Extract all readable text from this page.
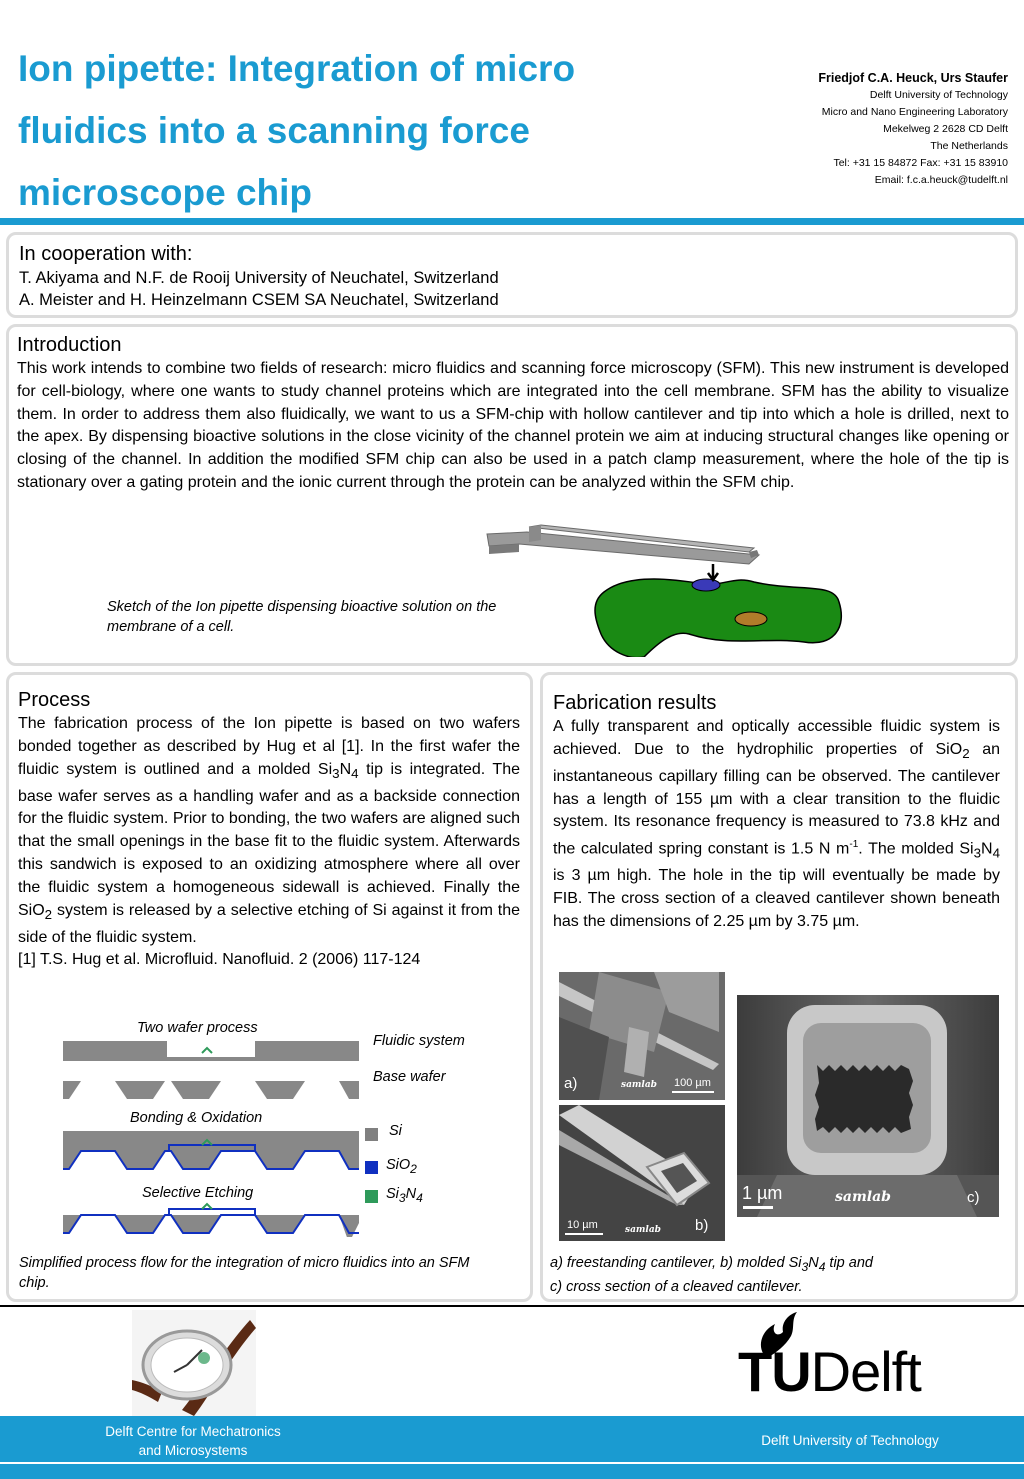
Ion pipette: Integration of micro fluidics into a scanning force microscope chip
Friedjof C.A. Heuck, Urs Staufer
Delft University of Technology
Micro and Nano Engineering Laboratory
Mekelweg 2 2628 CD Delft
The Netherlands
Tel: +31 15 84872 Fax: +31 15 83910
Email: f.c.a.heuck@tudelft.nl
In cooperation with:
T. Akiyama and N.F. de Rooij University of Neuchatel, Switzerland
A. Meister and H. Heinzelmann CSEM SA Neuchatel, Switzerland
Introduction
This work intends to combine two fields of research: micro fluidics and scanning force microscopy (SFM). This new instrument is developed for cell-biology, where one wants to study channel proteins which are integrated into the cell membrane. SFM has the ability to visualize them. In order to address them also fluidically, we want to us a SFM-chip with hollow cantilever and tip into which a hole is drilled, next to the apex. By dispensing bioactive solutions in the close vicinity of the channel protein we aim at inducing structural changes like opening or closing of the channel. In addition the modified SFM chip can also be used in a patch clamp measurement, where the hole of the tip is stationary over a gating protein and the ionic current through the protein can be analyzed within the SFM chip.
Sketch of the Ion pipette dispensing bioactive solution on the membrane of a cell.
Process
The fabrication process of the Ion pipette is based on two wafers bonded together as described by Hug et al [1]. In the first wafer the fluidic system is outlined and a molded $Si_3N_4$ tip is integrated. The base wafer serves as a handling wafer and as a backside connection for the fluidic system. Prior to bonding, the two wafers are aligned such that the small openings in the base fit to the fluidic system. Afterwards this sandwich is exposed to an oxidizing atmosphere where all over the fluidic system a homogeneous sidewall is achieved. Finally the SiO$_2$ system is released by a selective etching of Si against it from the side of the fluidic system.
[1] T.S. Hug et al. Microfluid. Nanofluid. 2 (2006) 117-124
Two wafer process
Bonding & Oxidation
Selective Etching
Fluidic system
Base wafer
Si
SiO$_2$
$Si_3N_4$
Simplified process flow for the integration of micro fluidics into an SFM chip.
Fabrication results
A fully transparent and optically accessible fluidic system is achieved. Due to the hydrophilic properties of SiO$_2$ an instantaneous capillary filling can be observed. The cantilever has a length of 155 µm with a clear transition to the fluidic system. Its resonance frequency is measured to 73.8 kHz and the calculated spring constant is 1.5 N $m^{-1}$. The molded $Si_3N_4$ is 3 µm high. The hole in the tip will eventually be made by FIB. The cross section of a cleaved cantilever shown beneath has the dimensions of 2.25 µm by 3.75 µm.
a)	samlab 100 µm
b)
samlab
10 µm
c)
samlab
1 µm
a) freestanding cantilever, b) molded $Si_3N_4$ tip and
c) cross section of a cleaved cantilever.
TUDelft
Delft Centre for Mechatronics
and Microsystems
Delft University of Technology
